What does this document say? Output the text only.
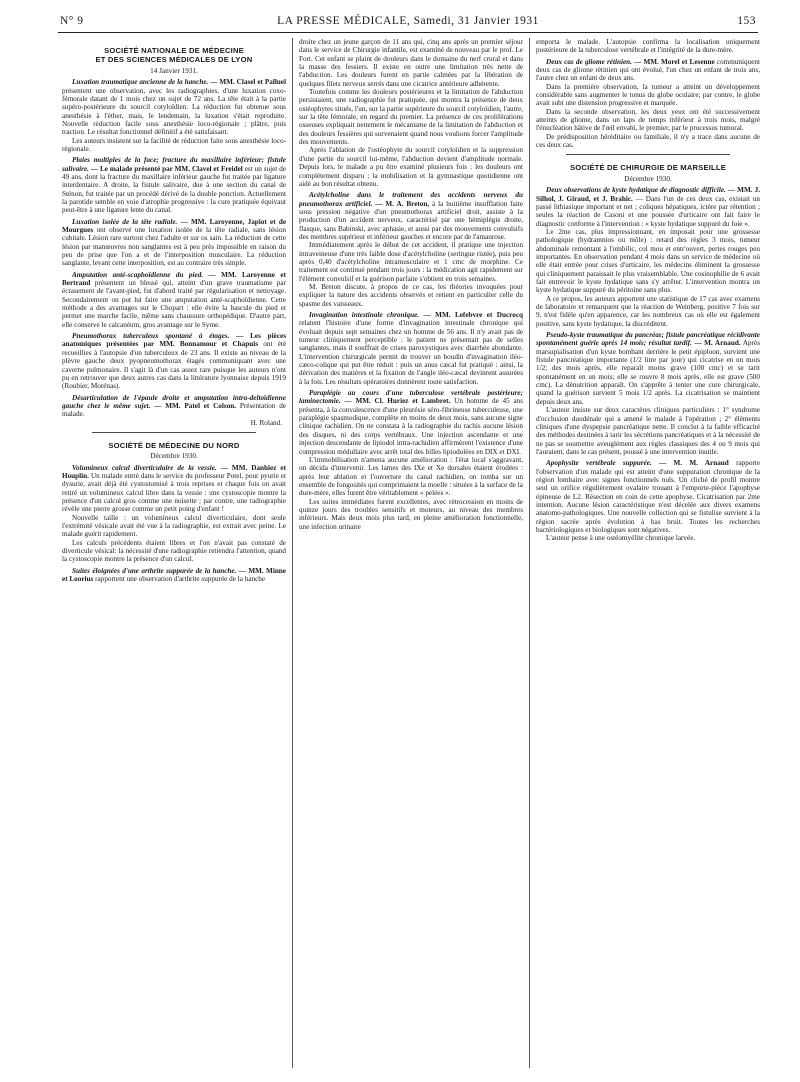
N° 9	LA PRESSE MÉDICALE, Samedi, 31 Janvier 1931	153
SOCIÉTÉ NATIONALE DE MÉDECINE
ET DES SCIENCES MÉDICALES DE LYON
14 Janvier 1931.

Luxation traumatique ancienne de la hanche. — MM. Clasel et Palluel présentent une observation, avec les radiographies, d'une luxation coxo-fémorale datant de 1 mois chez un sujet de 72 ans. La tête était à la partie supéro-postérieure du sourcil cotyloïdien. La réduction fut obtenue sous anesthésie à l'éther, mais, le lendemain, la luxation s'était reproduite. Nouvelle réduction facile sous anesthésie loco-régionale ; plâtre, puis traction. Le résultat fonctionnel définitif a été satisfaisant.

Les auteurs insistent sur la facilité de réduction faite sous anesthésie loco-régionale.

Plaies multiples de la face; fracture du maxillaire inférieur; fistule salivaire. — Le malade présenté par MM. Clavel et Freidel est un sujet de 49 ans, dont la fracture du maxillaire inférieur gauche fut traitée par ligature interdentaire. A droite, la fistule salivaire, due à une section du canal de Sténon, fut traitée par un procédé dérivé de la double ponction. Actuellement la parotide semble en voie d'atrophie progressive : la cure pratiquée équivaut peut-être à une ligature lente du canal.

Luxation isolée de la tête radiale. — MM. Laroyenne, Japiot et de Mourgues ont observé une luxation isolée de la tête radiale, sans lésion cubitale. Lésion rare surtout chez l'adulte et sur os sain. La réduction de cette lésion par manœuvres non sanglantes est à peu près impossible en raison du peu de prise que l'on a et de l'interposition musculaire. La réduction sanglante, levant cette interposition, est au contraire très simple.

Amputation anté-scaphoïdienne du pied. — MM. Laroyenne et Bertrand présentent un blessé qui, atteint d'un grave traumatisme par écrasement de l'avant-pied, fut d'abord traité par régularisation et nettoyage. Secondairement on put lui faire une amputation anté-scaphoïdienne. Cette méthode a des avantages sur le Chopart : elle évite la bascule du pied et permet une marche facile, même sans chaussure orthopédique. D'autre part, elle conserve le calcanéum, gros avantage sur le Syme.

Pneumothorax tuberculeux spontané à étages. — Les pièces anatomiques présentées par MM. Bonnamour et Chapuis ont été recueillies à l'autopsie d'un tuberculeux de 23 ans. Il existe au niveau de la plèvre gauche deux pyopneumothorax étagés communiquant avec une caverne pulmonaire. Il s'agit là d'un cas assez rare puisque les auteurs n'ont pu en retrouver que deux autres cas dans la littérature lyonnaise depuis 1919 (Roubier, Morénas).

Désarticulation de l'épaule droite et amputation intra-deltoïdienne gauche chez le même sujet. — MM. Patel et Colson. Présentation de malade.

H. Roland.
SOCIÉTÉ DE MÉDECINE DU NORD
Décembre 1930.

Volumineux calcul diverticulaire de la vessie. — MM. Danhiez et Houplin. Un malade entré dans le service du professeur Potel, pour pyurie et dysurie, avait déjà été cystostomisé à trois reprises et chaque fois on avait retiré un volumineux calcul libre dans la vessie : une cystoscopie montre la présence d'un calcul gros comme une noisette ; par contre, une radiographie révèle une pierre grosse comme un petit poing d'enfant !

Nouvelle taille : un volumineux calcul diverticulaire, dont seule l'extrémité vésicale avait été vue à la radiographie, est extrait avec peine. Le malade guérit rapidement.

Les calculs précédents étaient libres et l'on n'avait pas constaté de diverticule vésical: la nécessité d'une radiographie retiendra l'attention, quand la cystoscopie montre la présence d'un calcul.

Suites éloignées d'une arthrite suppurée de la hanche. — MM. Minne et Loorius rapportent une observation d'arthrite suppurée de la hanche

droite chez un jeune garçon de 11 ans qui, cinq ans après un premier séjour dans le service de Chirurgie infantile, est examiné de nouveau par le prof. Le Fort. Cet enfant se plaint de douleurs dans le domaine du nerf crural et dans la masse des fessiers. Il existe en outre une limitation très nette de l'abduction. Les douleurs furent en partie calmées par la libération de quelques filets nerveux serrés dans une cicatrice antérieure adhérente.

Toutefois comme les douleurs postérieures et la limitation de l'abduction persistaient, une radiographie fut pratiquée, qui montra la présence de deux ostéophytes situés, l'un, sur la partie supérieure du sourcil cotyloïdien, l'autre, sur la tête fémorale, en regard du premier. La présence de ces proliférations osseuses expliquait nettement le mécanisme de la limitation de l'abduction et des douleurs fessières qui survenaient quand nous voulions forcer l'amplitude des mouvements.

Après l'ablation de l'ostéophyte du sourcil cotyloïdien et la suppression d'une partie du sourcil lui-même, l'abduction devient d'amplitude normale. Depuis lors, le malade a pu être examiné plusieurs fois : les douleurs ont complètement disparu ; la mobilisation et la gymnastique quotidienne ont aidé au bon résultat obtenu.

Acétylcholine dans le traitement des accidents nerveux du pneumothorax artificiel. — M. A. Breton, à la huitième insufflation faite sous pression négative d'un pneumothorax artificiel droit, assiste à la production d'un accident nerveux, caractérisé par une hémiplégie droite, flasque, sans Babinski, avec aphasie, et aussi par des mouvements convulsifs des membres supérieur et inférieur gauches et encore par de l'amaurose.

Immédiatement après le début de cet accident, il pratique une injection intraveineuse d'une très faible dose d'acétylcholine (seringue ristée), puis peu après 0,40 d'acétylcholine intramusculaire et 1 cmc de morphine. Ce traitement est continué pendant trois jours : la médication agit rapidement sur l'élément convulsif et la guérison parfaite s'obtient en trois semaines.

M. Breton discute, à propos de ce cas, les théories invoquées pour expliquer la nature des accidents observés et retient en particulier celle du spasme des vaisseaux.

Invagination intestinale chronique. — MM. Lefebvre et Ducrocq relatent l'histoire d'une forme d'invagination intestinale chronique qui évoluait depuis sept semaines chez un homme de 56 ans. Il n'y avait pas de tumeur cliniquement perceptible : le patient ne présentait pas de selles sanglantes, mais il souffrait de crises paroxystiques avec diarrhée abondante. L'intervention chirurgicale permit de trouver un boudin d'invagination iléo-cæco-colique qui put être réduit : puis un anus cæcal fut pratiqué : ainsi, la dérivation des matières et la fixation de l'angle iléo-cæcal devinrent assurées à la fois. Les résultats opératoires donnèrent toute satisfaction.

Paraplégie au cours d'une tuberculose vertébrale postérieure; laminectomie. — MM. Cl. Huriez et Lambret. Un homme de 45 ans présenta, à la convalescence d'une pleurésie séro-fibrineuse tuberculeuse, une paraplégie spasmodique, complète en moins de deux mois, sans aucune signe clinique rachidien. On ne constata à la radiographie du rachis aucune lésion des disques, ni des corps vertébraux. Une injection ascendante et une injection descendante de lipiodol intra-rachidien affirmèrent l'existence d'une compression médullaire avec arrêt total des billes lipiodolées en DIX et DXI.

L'immobilisation n'amena aucune amélioration : l'état local s'aggravant, on décida d'intervenir. Les lames des IXe et Xe dorsales étaient érodées : après leur ablation et l'ouverture du canal rachidien, on tomba sur un ensemble de fongosités qui comprimaient la moelle : situées à la surface de la dure-mère, elles furent être véritablement « pelées ».

Les suites immédiates furent excellentes, avec rétrocession en moins de quinze jours des troubles sensitifs et moteurs, au niveau des membres inférieurs. Mais deux mois plus tard, en pleine amélioration fonctionnelle, une infection urinaire

emporta le malade. L'autopsie confirma la localisation uniquement postérieure de la tuberculose vertébrale et l'intégrité de la dure-mère.

Deux cas de gliome rétinien. — MM. Morel et Lesenne communiquent deux cas de gliome rétinien qui ont évolué, l'un chez un enfant de trois ans, l'autre chez un enfant de deux ans.

Dans la première observation, la tumeur a atteint un développement considérable sans augmenter le tonus du globe oculaire; par contre, le globe avait subi une distension progressive et marquée.

Dans la seconde observation, les deux yeux ont été successivement atteints de gliome, dans un laps de temps inférieur à trois mois, malgré l'énucléation hâtive de l'œil envahi, le premier, par le processus tumoral.

De prédisposition héréditaire ou familiale, il n'y a trace dans aucune de ces deux cas.

SOCIÉTÉ DE CHIRURGIE DE MARSEILLE
Décembre 1930.

Deux observations de kyste hydatique de diagnostic difficile. — MM. J. Silhol, J. Giraud, et J. Brahic. — Dans l'un de ces deux cas, existait un passé lithiasique important et net ; coliques hépatiques, ictère par rétention ; seules la réaction de Casoni et une poussée d'urticaire ont fait faire le diagnostic conforme à l'intervention : « kyste hydatique suppuré du foie ».

Le 2me cas, plus impressionnant, en imposait pour une grossesse pathologique (hydramnios ou môle) : retard des règles 3 mois, tumeur abdominale remontant à l'ombilic, col mou et entr'ouvert, pertes rouges peu importantes. En observation pendant 4 mois dans un service de médecine où elle était entrée pour crises d'urticaire, les médecins éliminent la grossesse qui cliniquement paraissait le plus vraisemblable. Une cosinophilie de 6 avait fait entrevoir le kyste hydatique sans s'y arrêter. L'intervention montra un kyste hydatique suppuré du péritoine sans plus.

A ce propos, les auteurs apportent une statistique de 17 cas avec examens de laboratoire et remarquent que la réaction de Weinberg, positive 7 fois sur 9, n'est fidèle qu'en apparence, car les nombreux cas où elle est également positive, sans kyste hydatique, la discréditent.

Pseudo-kyste traumatique du pancréas; fistule pancréatique récidivante spontanément guérie après 14 mois; résultat tardif. — M. Arnaud. Après marsupialisation d'un kyste bombant derrière le petit épiploon, survient une fistule pancréatique importante (1/2 litre par jour) qui cicatrise en un mois 1/2; des mois après, elle reparaît moins grave (100 cmc) et se tarit spontanément en un mois; elle se rouvre 8 mois après, elle est grave (500 cmc). La dénutrition apparaît. On s'apprête à tenter une cure chirurgicale, quand la guérison survient 5 mois 1/2 après. La cicatrisation se maintient depuis deux ans.

L'auteur insiste sur deux caractères cliniques particuliers : 1° syndrome d'occlusion duodénale qui a amené le malade à l'opération ; 2° éléments cliniques d'une dyspepsie pancréatique nette. Il conclut à la faible efficacité des méthodes destinées à tarir les sécrétions pancréatiques et à la nécessité de ne pas se soumettre aveuglément aux règles classiques des 4 ou 9 mois qui l'auraient, dans le cas présent, poussé à une intervention inutile.

Apophysite vertébrale suppurée. — M. M. Arnaud rapporte l'observation d'un malade qui est atteint d'une suppuration chronique de la région lombaire avec signes fonctionnels nuls. Un cliché de profil montre seul un orifice régulièrement ovalaire trouant à l'emporte-pièce l'apophyse épineuse de L2. Résection en coin de cette apophyse. Cicatrisation par 2me intention. Aucune lésion caractéristique n'est décelée aux divers examens anatomo-pathologiques. Une nouvelle collection qui se fistulise survient à la région sacrée après évolution à bas bruit. Toutes les recherches bactériologiques et biologiques sont négatives.

L'auteur pense à une ostéomyélite chronique larvée.
